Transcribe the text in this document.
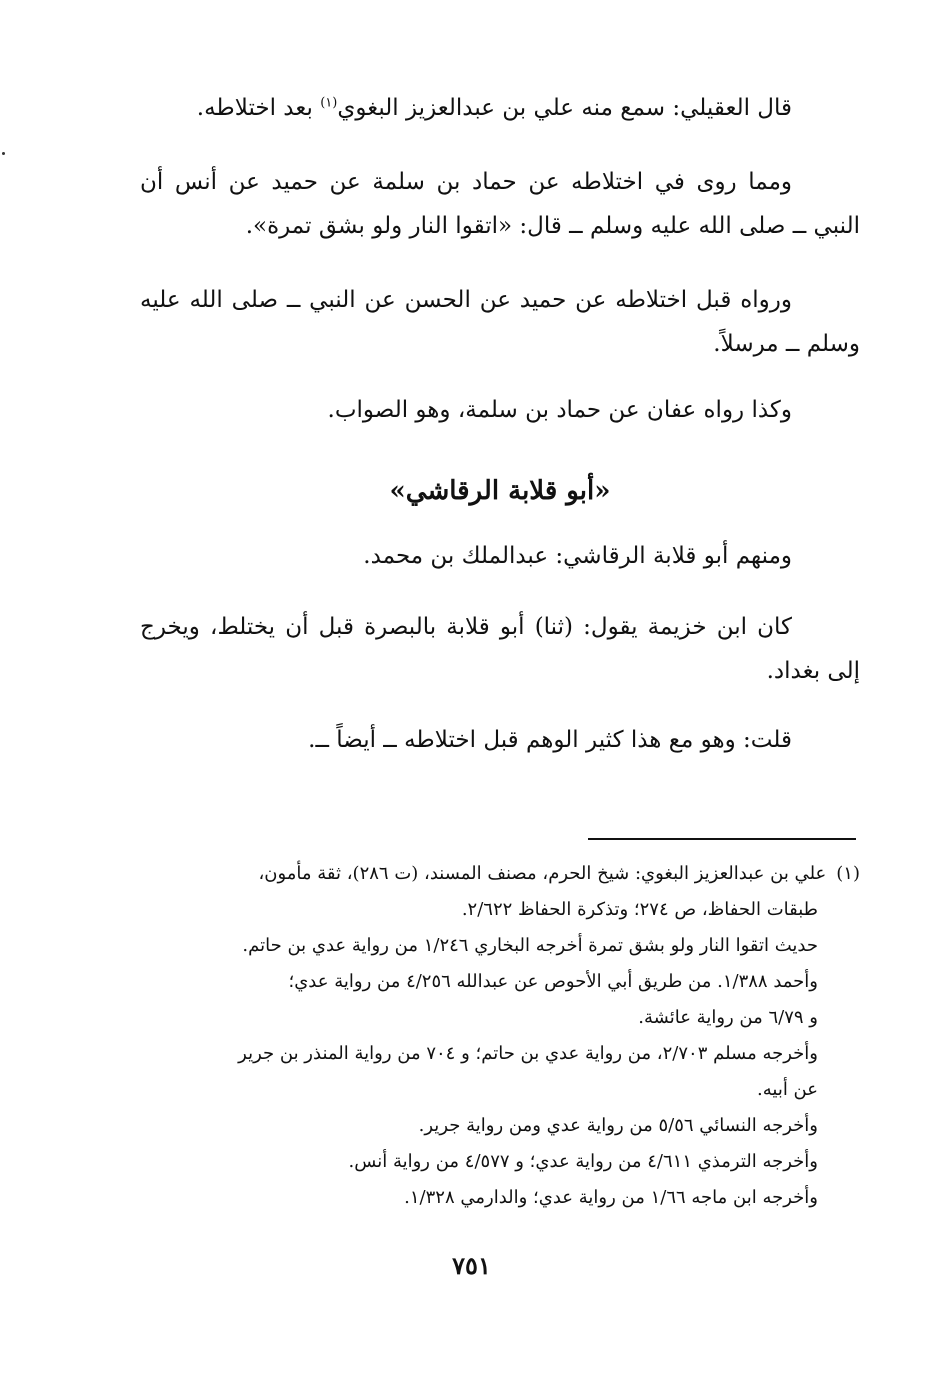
قال العقيلي: سمع منه علي بن عبدالعزيز البغوي$^{(١)}$ بعد اختلاطه.

ومما روى في اختلاطه عن حماد بن سلمة عن حميد عن أنس أن النبي ــ صلى الله عليه وسلم ــ قال: «اتقوا النار ولو بشق تمرة».

ورواه قبل اختلاطه عن حميد عن الحسن عن النبي ــ صلى الله عليه وسلم ــ مرسلاً.

وكذا رواه عفان عن حماد بن سلمة، وهو الصواب.

«أبو قلابة الرقاشي»

ومنهم أبو قلابة الرقاشي: عبدالملك بن محمد.

كان ابن خزيمة يقول: (ثنا) أبو قلابة بالبصرة قبل أن يختلط، ويخرج إلى بغداد.

قلت: وهو مع هذا كثير الوهم قبل اختلاطه ــ أيضاً ــ.

(١)علي بن عبدالعزيز البغوي: شيخ الحرم، مصنف المسند، (ت ٢٨٦)، ثقة مأمون،
طبقات الحفاظ، ص ٢٧٤؛ وتذكرة الحفاظ ٢/٦٢٢.
حديث اتقوا النار ولو بشق تمرة أخرجه البخاري ١/٢٤٦ من رواية عدي بن حاتم.
وأحمد ١/٣٨٨. من طريق أبي الأحوص عن عبدالله ٤/٢٥٦ من رواية عدي؛
و ٦/٧٩ من رواية عائشة.
وأخرجه مسلم ٢/٧٠٣، من رواية عدي بن حاتم؛ و ٧٠٤ من رواية المنذر بن جرير
عن أبيه.
وأخرجه النسائي ٥/٥٦ من رواية عدي ومن رواية جرير.
وأخرجه الترمذي ٤/٦١١ من رواية عدي؛ و ٤/٥٧٧ من رواية أنس.
وأخرجه ابن ماجه ١/٦٦ من رواية عدي؛ والدارمي ١/٣٢٨.
٧٥١
